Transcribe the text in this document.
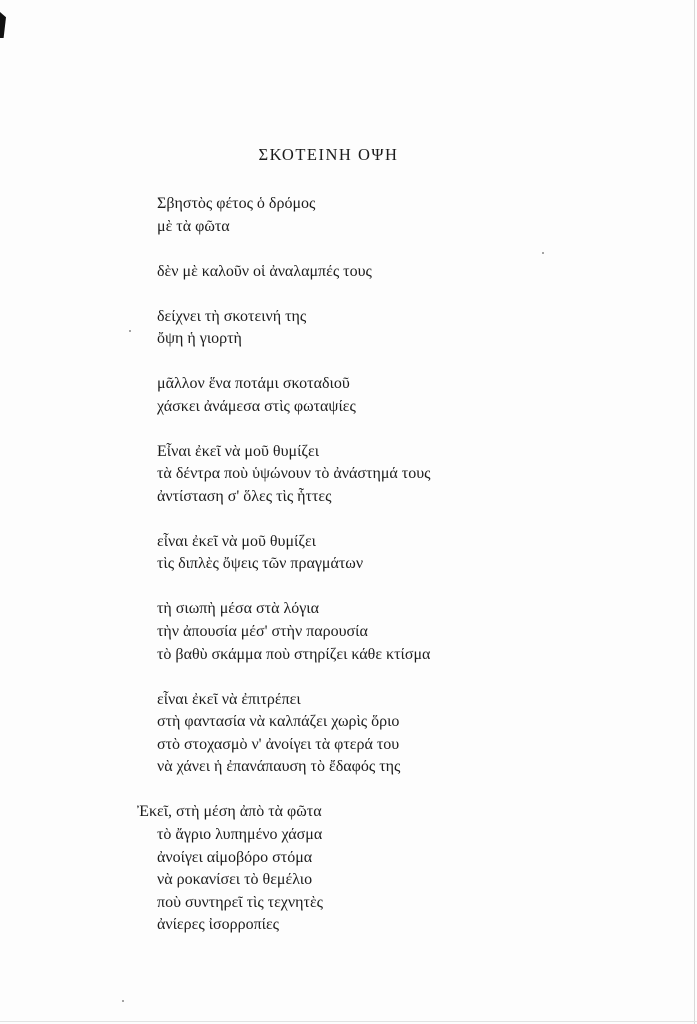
ΣΚΟΤΕΙΝΗ ΟΨΗ
Σβηστὸς φέτος ὁ δρόμος
μὲ τὰ φῶτα
δὲν μὲ καλοῦν οἱ ἀναλαμπές τους
δείχνει τὴ σκοτεινή της
ὄψη ἡ γιορτὴ
μᾶλλον ἕνα ποτάμι σκοταδιοῦ
χάσκει ἀνάμεσα στὶς φωταψίες
Εἶναι ἐκεῖ νὰ μοῦ θυμίζει
τὰ δέντρα ποὺ ὑψώνουν τὸ ἀνάστημά τους
ἀντίσταση σ' ὅλες τὶς ἧττες
εἶναι ἐκεῖ νὰ μοῦ θυμίζει
τὶς διπλὲς ὄψεις τῶν πραγμάτων
τὴ σιωπὴ μέσα στὰ λόγια
τὴν ἀπουσία μέσ' στὴν παρουσία
τὸ βαθὺ σκάμμα ποὺ στηρίζει κάθε κτίσμα
εἶναι ἐκεῖ νὰ ἐπιτρέπει
στὴ φαντασία νὰ καλπάζει χωρὶς ὅριο
στὸ στοχασμὸ ν' ἀνοίγει τὰ φτερά του
νὰ χάνει ἡ ἐπανάπαυση τὸ ἔδαφός της
Ἐκεῖ, στὴ μέση ἀπὸ τὰ φῶτα
τὸ ἄγριο λυπημένο χάσμα
ἀνοίγει αἱμοβόρο στόμα
νὰ ροκανίσει τὸ θεμέλιο
ποὺ συντηρεῖ τὶς τεχνητὲς
ἀνίερες ἰσορροπίες
